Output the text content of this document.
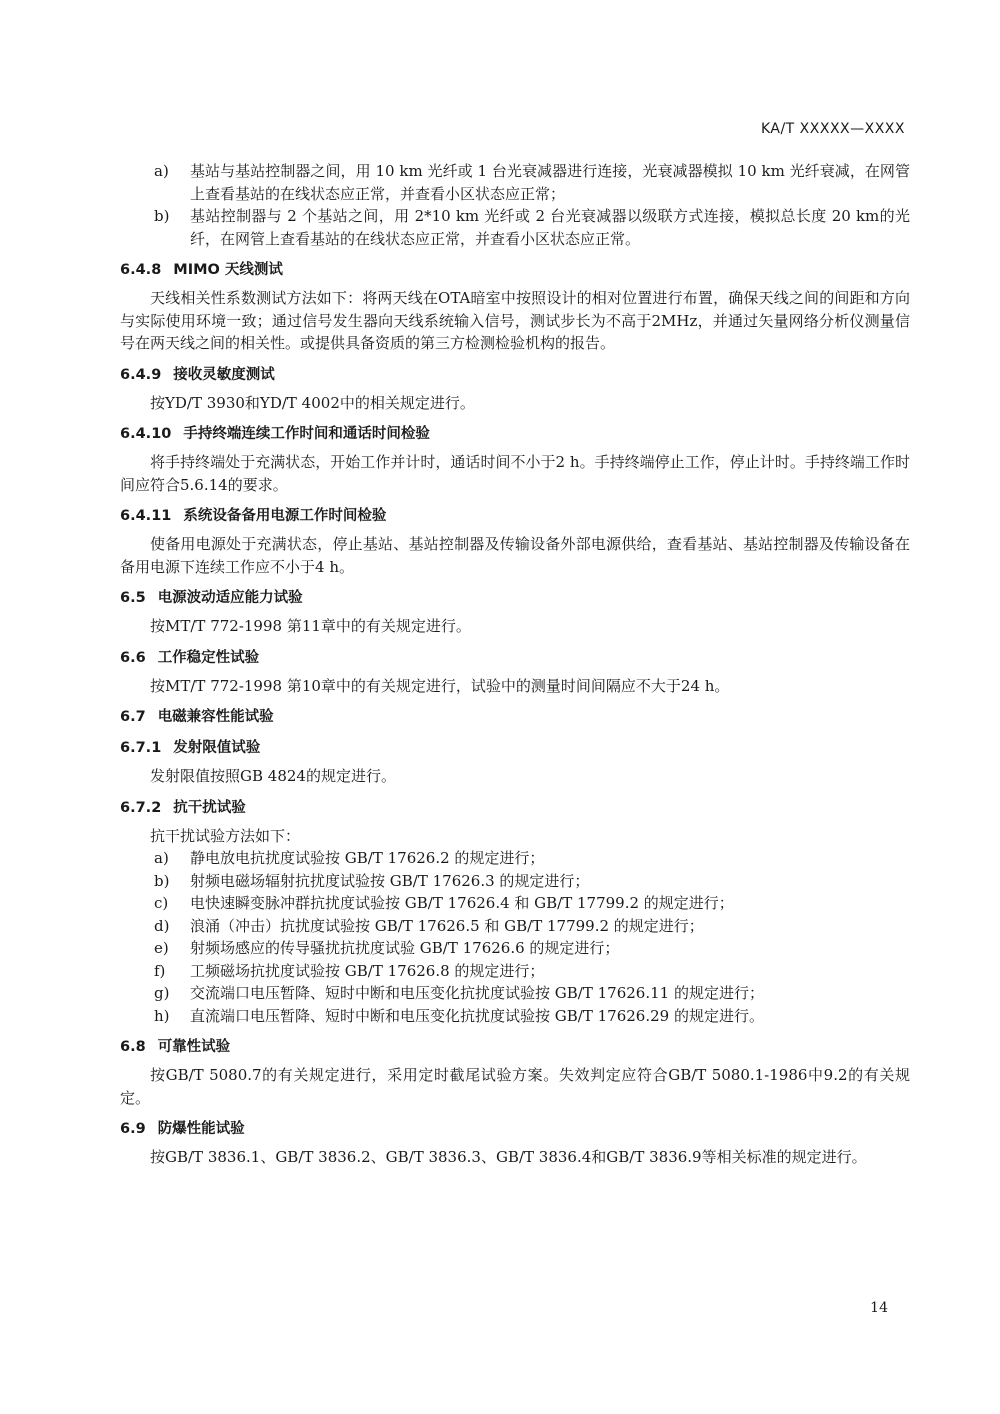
KA/T XXXXX—XXXX
a)	基站与基站控制器之间，用 10 km 光纤或 1 台光衰减器进行连接，光衰减器模拟 10 km 光纤衰减，在网管上查看基站的在线状态应正常，并查看小区状态应正常；
b)	基站控制器与 2 个基站之间，用 2*10 km 光纤或 2 台光衰减器以级联方式连接，模拟总长度 20 km的光纤，在网管上查看基站的在线状态应正常，并查看小区状态应正常。
6.4.8 MIMO 天线测试

天线相关性系数测试方法如下：将两天线在OTA暗室中按照设计的相对位置进行布置，确保天线之间的间距和方向与实际使用环境一致；通过信号发生器向天线系统输入信号，测试步长为不高于2MHz，并通过矢量网络分析仪测量信号在两天线之间的相关性。或提供具备资质的第三方检测检验机构的报告。

6.4.9 接收灵敏度测试

按YD/T 3930和YD/T 4002中的相关规定进行。

6.4.10 手持终端连续工作时间和通话时间检验

将手持终端处于充满状态，开始工作并计时，通话时间不小于2 h。手持终端停止工作，停止计时。手持终端工作时间应符合5.6.14的要求。

6.4.11 系统设备备用电源工作时间检验

使备用电源处于充满状态，停止基站、基站控制器及传输设备外部电源供给，查看基站、基站控制器及传输设备在备用电源下连续工作应不小于4 h。

6.5 电源波动适应能力试验

按MT/T 772-1998 第11章中的有关规定进行。

6.6 工作稳定性试验

按MT/T 772-1998 第10章中的有关规定进行，试验中的测量时间间隔应不大于24 h。

6.7 电磁兼容性能试验
6.7.1 发射限值试验

发射限值按照GB 4824的规定进行。

6.7.2 抗干扰试验

抗干扰试验方法如下：

a)	静电放电抗扰度试验按 GB/T 17626.2 的规定进行；
b)	射频电磁场辐射抗扰度试验按 GB/T 17626.3 的规定进行；
c)	电快速瞬变脉冲群抗扰度试验按 GB/T 17626.4 和 GB/T 17799.2 的规定进行；
d)	浪涌（冲击）抗扰度试验按 GB/T 17626.5 和 GB/T 17799.2 的规定进行；
e)	射频场感应的传导骚扰抗扰度试验 GB/T 17626.6 的规定进行；
f)	工频磁场抗扰度试验按 GB/T 17626.8 的规定进行；
g)	交流端口电压暂降、短时中断和电压变化抗扰度试验按 GB/T 17626.11 的规定进行；
h)	直流端口电压暂降、短时中断和电压变化抗扰度试验按 GB/T 17626.29 的规定进行。
6.8 可靠性试验

按GB/T 5080.7的有关规定进行，采用定时截尾试验方案。失效判定应符合GB/T 5080.1-1986中9.2的有关规定。

6.9 防爆性能试验

按GB/T 3836.1、GB/T 3836.2、GB/T 3836.3、GB/T 3836.4和GB/T 3836.9等相关标准的规定进行。

14
